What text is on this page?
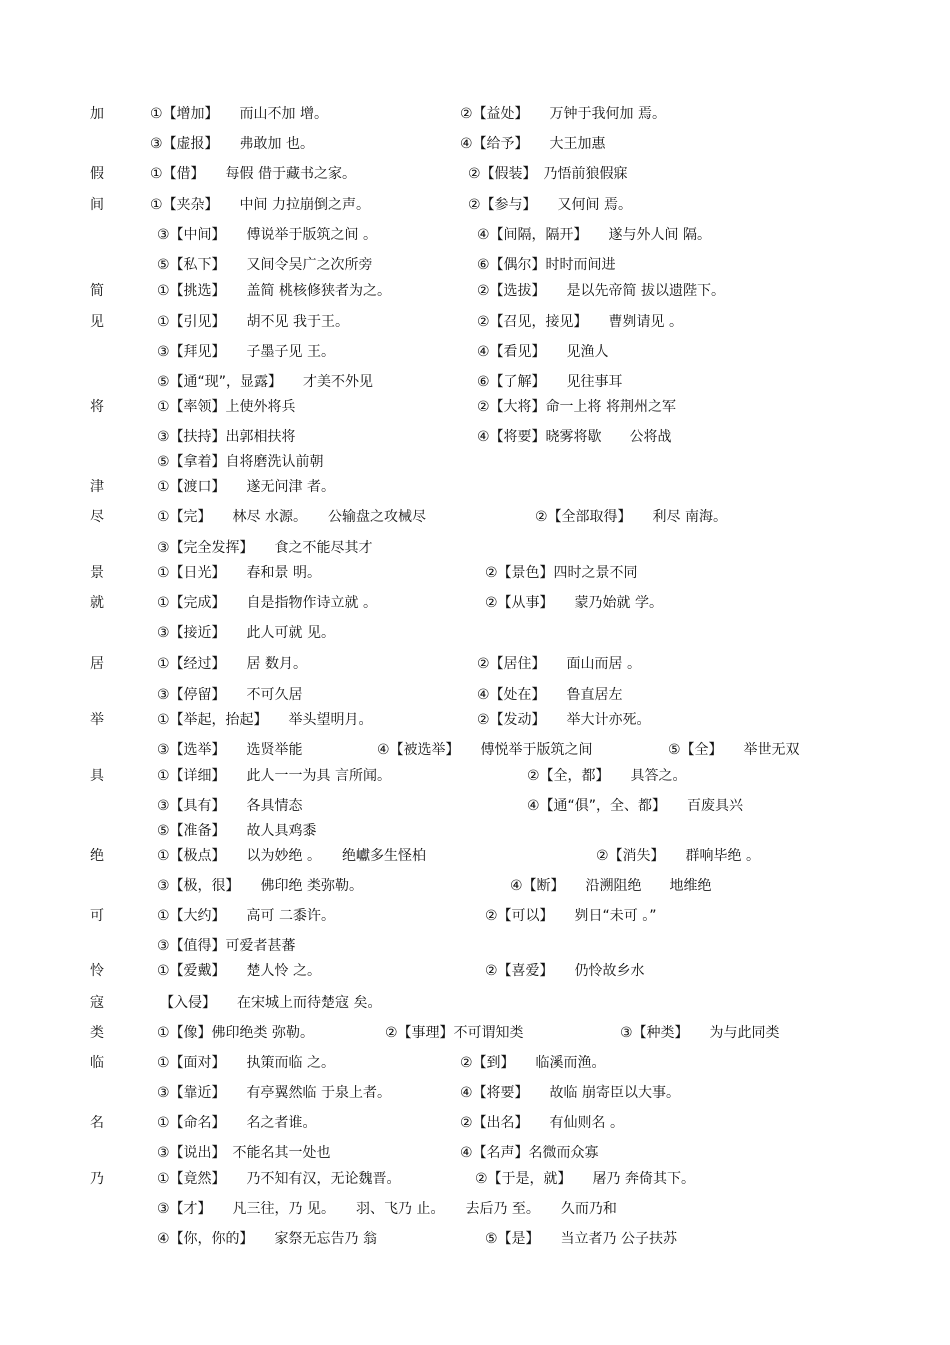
加	①【增加】　　而山不加 增。	②【益处】　　万钟于我何加 焉。
③【虚报】　　弗敢加 也。	④【给予】　　大王加惠
假	①【借】　　每假 借于藏书之家。	②【假装】　乃悟前狼假寐
间	①【夹杂】　　中间 力拉崩倒之声。	②【参与】　　又何间 焉。
③【中间】　　傅说举于版筑之间 。	④【间隔，隔开】　　遂与外人间 隔。
⑤【私下】　　又间令吴广之次所旁	⑥【偶尔】时时而间进
简	①【挑选】　　盖简 桃核修狭者为之。	②【选拔】　　是以先帝简 拔以遗陛下。
见	①【引见】　　胡不见 我于王。	②【召见，接见】　　曹刿请见 。
③【拜见】　　子墨子见 王。	④【看见】　　见渔人
⑤【通“现”，显露】　　才美不外见	⑥【了解】　　见往事耳
将	①【率领】上使外将兵	②【大将】命一上将 将荆州之军
③【扶持】出郭相扶将	④【将要】晓雾将歇　　公将战
⑤【拿着】自将磨洗认前朝
津	①【渡口】　　遂无问津 者。
尽	①【完】　　林尽 水源。　　公输盘之攻械尽	②【全部取得】　　利尽 南海。
③【完全发挥】　　食之不能尽其才
景	①【日光】　　春和景 明。	②【景色】四时之景不同
就	①【完成】　　自是指物作诗立就 。	②【从事】　　蒙乃始就 学。
③【接近】　　此人可就 见。
居	①【经过】　　居 数月。	②【居住】　　面山而居 。
③【停留】　　不可久居	④【处在】　　鲁直居左
举	①【举起，抬起】　　举头望明月。	②【发动】　　举大计亦死。
③【选举】　　选贤举能	④【被选举】　　傅悦举于版筑之间	⑤【全】　　举世无双
具	①【详细】　　此人一一为具 言所闻。	②【全，都】　　具答之。
③【具有】　　各具情态	④【通“俱”，全、都】　　百废具兴
⑤【准备】　　故人具鸡黍
绝	①【极点】　　以为妙绝 。　　绝巘多生怪柏	②【消失】　　群响毕绝 。
③【极，很】　　佛印绝 类弥勒。	④【断】　　沿溯阻绝　　地维绝
可	①【大约】　　高可 二黍许。	②【可以】　　刿日“未可 。”
③【值得】可爱者甚蕃
怜	①【爱戴】　　楚人怜 之。	②【喜爱】　　仍怜故乡水
寇	【入侵】　　在宋城上而待楚寇 矣。
类	①【像】佛印绝类 弥勒。	②【事理】不可谓知类	③【种类】　　为与此同类
临	①【面对】　　执策而临 之。	②【到】　　临溪而渔。
③【靠近】　　有亭翼然临 于泉上者。	④【将要】　　故临 崩寄臣以大事。
名	①【命名】　　名之者谁。	②【出名】　　有仙则名 。
③【说出】　不能名其一处也	④【名声】名微而众寡
乃	①【竟然】　　乃不知有汉，无论魏晋。	②【于是，就】　　屠乃 奔倚其下。
③【才】　　凡三往，乃 见。　　羽、飞乃 止。　　去后乃 至。　　久而乃和
④【你，你的】　　家祭无忘告乃 翁	⑤【是】　　当立者乃 公子扶苏
